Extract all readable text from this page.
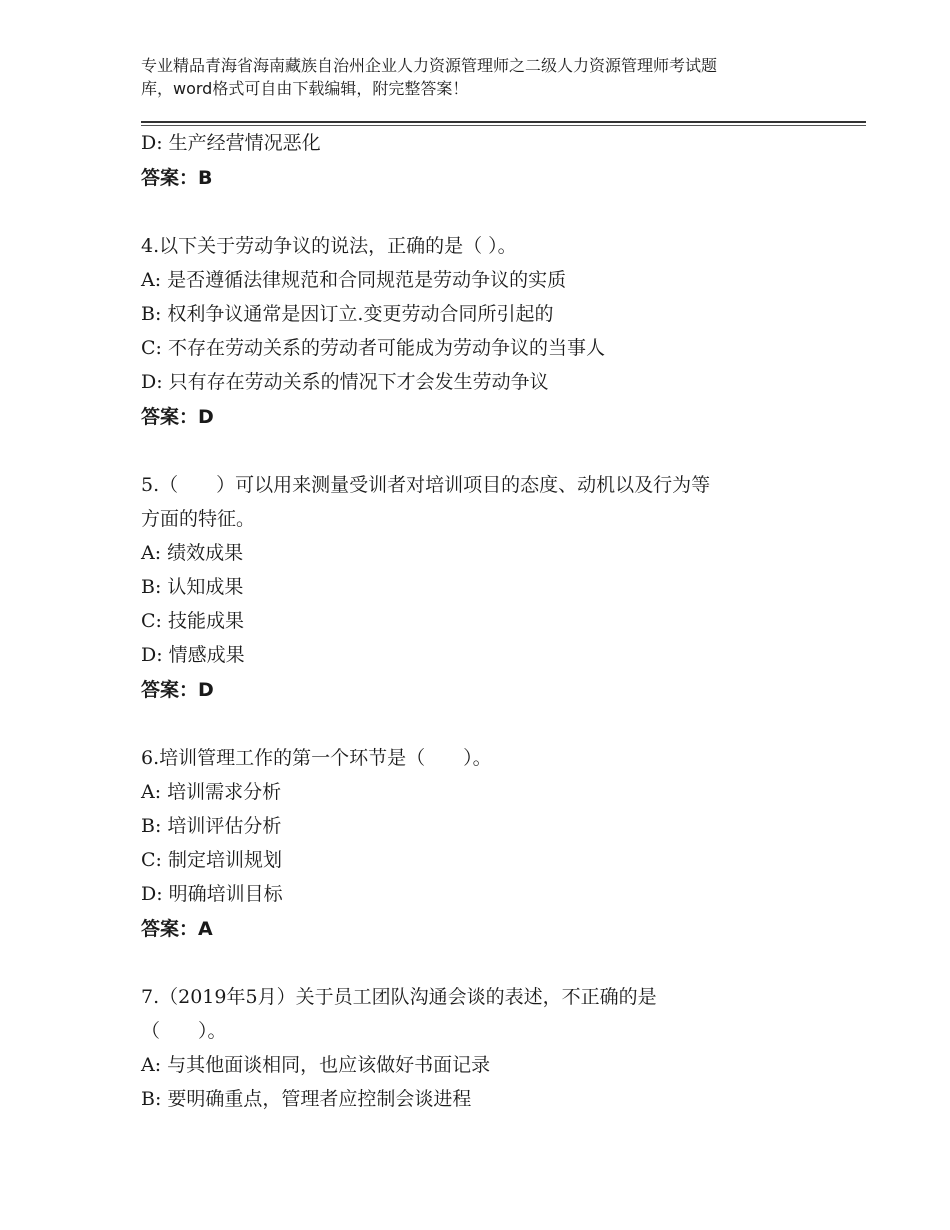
专业精品青海省海南藏族自治州企业人力资源管理师之二级人力资源管理师考试题
库，word格式可自由下载编辑，附完整答案！
D: 生产经营情况恶化
答案：B
4.以下关于劳动争议的说法，正确的是（ ）。
A: 是否遵循法律规范和合同规范是劳动争议的实质
B: 权利争议通常是因订立.变更劳动合同所引起的
C: 不存在劳动关系的劳动者可能成为劳动争议的当事人
D: 只有存在劳动关系的情况下才会发生劳动争议
答案：D
5.（　　）可以用来测量受训者对培训项目的态度、动机以及行为等
方面的特征。
A: 绩效成果
B: 认知成果
C: 技能成果
D: 情感成果
答案：D
6.培训管理工作的第一个环节是（　　）。
A: 培训需求分析
B: 培训评估分析
C: 制定培训规划
D: 明确培训目标
答案：A
7.（2019年5月）关于员工团队沟通会谈的表述，不正确的是
（　　）。
A: 与其他面谈相同，也应该做好书面记录
B: 要明确重点，管理者应控制会谈进程
